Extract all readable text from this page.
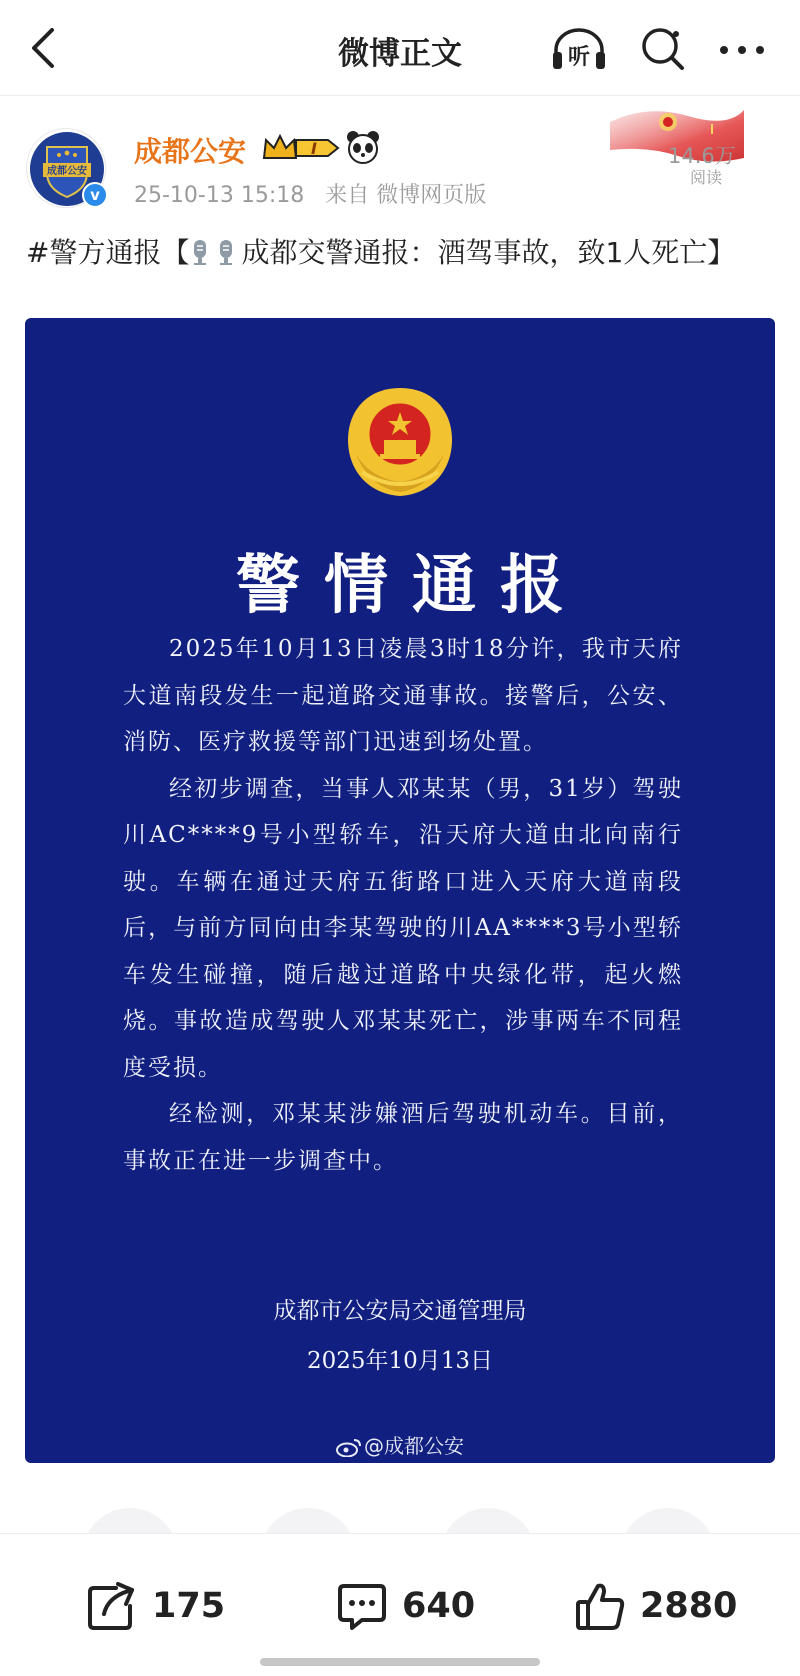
微博正文	听
成都公安
v
成都公安	I
25-10-13 15:18 来自 微博网页版
14.6万
阅读
#警方通报【 成都交警通报：酒驾事故，致1人死亡】
警情通报

2025年10月13日凌晨3时18分许，我市天府大道南段发生一起道路交通事故。接警后，公安、消防、医疗救援等部门迅速到场处置。

经初步调查，当事人邓某某（男，31岁）驾驶川AC****9号小型轿车，沿天府大道由北向南行驶。车辆在通过天府五街路口进入天府大道南段后，与前方同向由李某驾驶的川AA****3号小型轿车发生碰撞，随后越过道路中央绿化带，起火燃烧。事故造成驾驶人邓某某死亡，涉事两车不同程度受损。

经检测，邓某某涉嫌酒后驾驶机动车。目前，事故正在进一步调查中。

成都市公安局交通管理局
2025年10月13日
@成都公安
175	640	2880
